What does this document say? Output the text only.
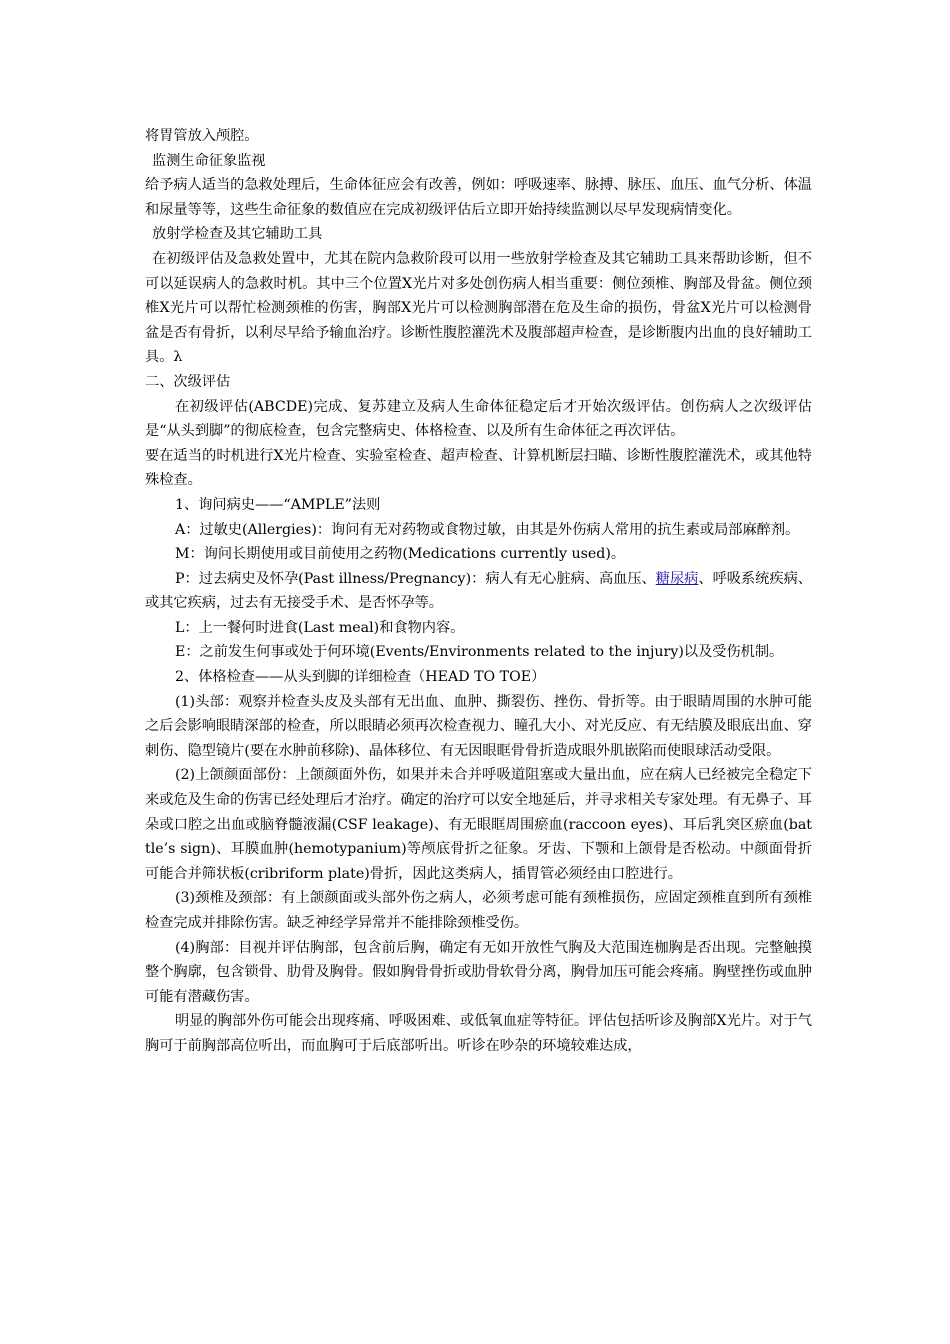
将胃管放入颅腔。

监测生命征象监视

给予病人适当的急救处理后，生命体征应会有改善，例如：呼吸速率、脉搏、脉压、血压、血气分析、体温和尿量等等，这些生命征象的数值应在完成初级评估后立即开始持续监测以尽早发现病情变化。

放射学检查及其它辅助工具

在初级评估及急救处置中，尤其在院内急救阶段可以用一些放射学检查及其它辅助工具来帮助诊断，但不可以延误病人的急救时机。其中三个位置X光片对多处创伤病人相当重要：侧位颈椎、胸部及骨盆。侧位颈椎X光片可以帮忙检测颈椎的伤害，胸部X光片可以检测胸部潜在危及生命的损伤，骨盆X光片可以检测骨盆是否有骨折，以利尽早给予输血治疗。诊断性腹腔灌洗术及腹部超声检查，是诊断腹内出血的良好辅助工具。λ

二、次级评估

在初级评估(ABCDE)完成、复苏建立及病人生命体征稳定后才开始次级评估。创伤病人之次级评估是“从头到脚”的彻底检查，包含完整病史、体格检查、以及所有生命体征之再次评估。

要在适当的时机进行X光片检查、实验室检查、超声检查、计算机断层扫瞄、诊断性腹腔灌洗术，或其他特殊检查。

1、询问病史——“AMPLE”法则

A：过敏史(Allergies)：询问有无对药物或食物过敏，由其是外伤病人常用的抗生素或局部麻醉剂。

M：询问长期使用或目前使用之药物(Medications currently used)。

P：过去病史及怀孕(Past illness/Pregnancy)：病人有无心脏病、高血压、糖尿病、呼吸系统疾病、或其它疾病，过去有无接受手术、是否怀孕等。

L：上一餐何时进食(Last meal)和食物内容。

E：之前发生何事或处于何环境(Events/Environments related to the injury)以及受伤机制。

2、体格检查——从头到脚的详细检查（HEAD TO TOE）

(1)头部：观察并检查头皮及头部有无出血、血肿、撕裂伤、挫伤、骨折等。由于眼睛周围的水肿可能之后会影响眼睛深部的检查，所以眼睛必须再次检查视力、瞳孔大小、对光反应、有无结膜及眼底出血、穿刺伤、隐型镜片(要在水肿前移除)、晶体移位、有无因眼眶骨骨折造成眼外肌嵌陷而使眼球活动受限。

(2)上颌颜面部份：上颌颜面外伤，如果并未合并呼吸道阻塞或大量出血，应在病人已经被完全稳定下来或危及生命的伤害已经处理后才治疗。确定的治疗可以安全地延后，并寻求相关专家处理。有无鼻子、耳朵或口腔之出血或脑脊髓液漏(CSF leakage)、有无眼眶周围瘀血(raccoon eyes)、耳后乳突区瘀血(battle’s sign)、耳膜血肿(hemotypanium)等颅底骨折之征象。牙齿、下颚和上颌骨是否松动。中颜面骨折可能合并筛状板(cribriform plate)骨折，因此这类病人，插胃管必须经由口腔进行。

(3)颈椎及颈部：有上颌颜面或头部外伤之病人，必须考虑可能有颈椎损伤，应固定颈椎直到所有颈椎检查完成并排除伤害。缺乏神经学异常并不能排除颈椎受伤。

(4)胸部：目视并评估胸部，包含前后胸，确定有无如开放性气胸及大范围连枷胸是否出现。完整触摸整个胸廓，包含锁骨、肋骨及胸骨。假如胸骨骨折或肋骨软骨分离，胸骨加压可能会疼痛。胸壁挫伤或血肿可能有潜藏伤害。

明显的胸部外伤可能会出现疼痛、呼吸困难、或低氧血症等特征。评估包括听诊及胸部X光片。对于气胸可于前胸部高位听出，而血胸可于后底部听出。听诊在吵杂的环境较难达成，
